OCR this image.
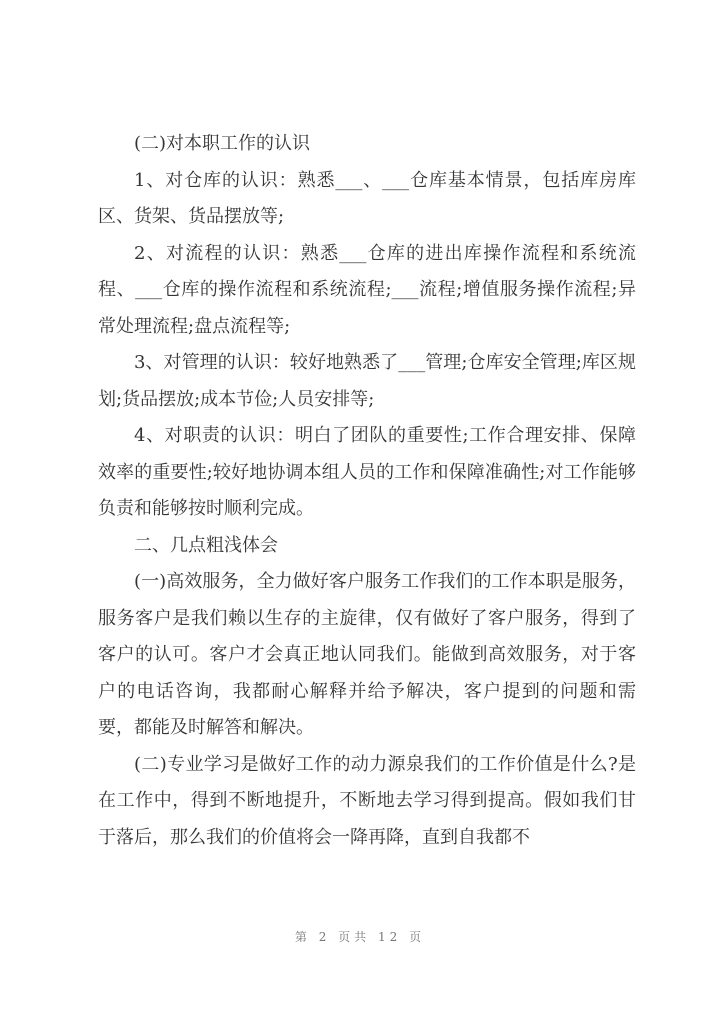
(二)对本职工作的认识

1、对仓库的认识：熟悉___、___仓库基本情景，包括库房库区、货架、货品摆放等;

2、对流程的认识：熟悉___仓库的进出库操作流程和系统流程、___仓库的操作流程和系统流程;___流程;增值服务操作流程;异常处理流程;盘点流程等;

3、对管理的认识：较好地熟悉了___管理;仓库安全管理;库区规划;货品摆放;成本节俭;人员安排等;

4、对职责的认识：明白了团队的重要性;工作合理安排、保障效率的重要性;较好地协调本组人员的工作和保障准确性;对工作能够负责和能够按时顺利完成。

二、几点粗浅体会

(一)高效服务，全力做好客户服务工作我们的工作本职是服务，服务客户是我们赖以生存的主旋律，仅有做好了客户服务，得到了客户的认可。客户才会真正地认同我们。能做到高效服务，对于客户的电话咨询，我都耐心解释并给予解决，客户提到的问题和需要，都能及时解答和解决。

(二)专业学习是做好工作的动力源泉我们的工作价值是什么?是在工作中，得到不断地提升，不断地去学习得到提高。假如我们甘于落后，那么我们的价值将会一降再降，直到自我都不

第 2 页共 12 页
